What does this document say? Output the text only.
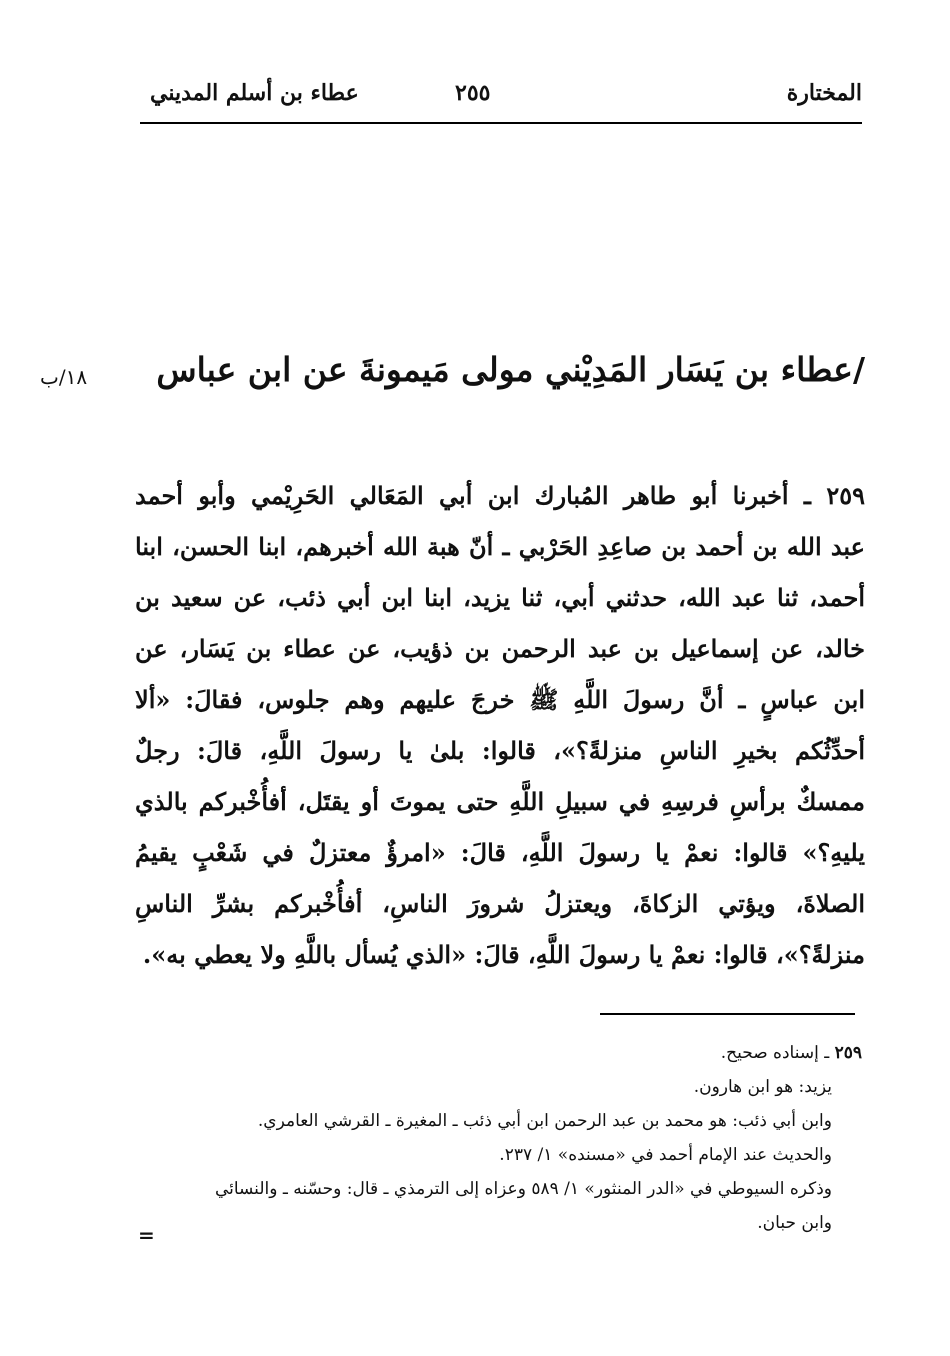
المختارة
٢٥٥
عطاء بن أسلم المديني
/عطاء بن يَسَار المَدِيْني مولى مَيمونةَ عن ابن عباس
١٨/ب
٢٥٩ ـ أخبرنا أبو طاهر المُبارك ابن أبي المَعَالي الحَرِيْمي وأبو أحمد
عبد الله بن أحمد بن صاعِدِ الحَرْبي ـ أنّ هبة الله أخبرهم، ابنا الحسن، ابنا
أحمد، ثنا عبد الله، حدثني أبي، ثنا يزيد، ابنا ابن أبي ذئب، عن سعيد بن
خالد، عن إسماعيل بن عبد الرحمن بن ذؤيب، عن عطاء بن يَسَار، عن
ابن عباسٍ ـ أنَّ رسولَ اللَّهِ ﷺ خرجَ عليهم وهم جلوس، فقالَ: «ألا
أحدِّثُكم بخيرِ الناسِ منزلةً؟»، قالوا: بلىٰ يا رسولَ اللَّهِ، قالَ: رجلٌ
ممسكٌ برأسِ فرسِهِ في سبيلِ اللَّهِ حتى يموتَ أو يقتَل، أفأُخْبركم بالذي
يليهِ؟» قالوا: نعمْ يا رسولَ اللَّهِ، قالَ: «امرؤٌ معتزلٌ في شَعْبٍ يقيمُ
الصلاةَ، ويؤتي الزكاةَ، ويعتزلُ شرورَ الناسِ، أفأُخْبركم بشرِّ الناسِ
منزلةً؟»، قالوا: نعمْ يا رسولَ اللَّهِ، قالَ: «الذي يُسأل باللَّهِ ولا يعطي به».
٢٥٩ ـ إسناده صحيح.
يزيد: هو ابن هارون.
وابن أبي ذئب: هو محمد بن عبد الرحمن ابن أبي ذئب ـ المغيرة ـ القرشي العامري.
والحديث عند الإمام أحمد في «مسنده» ١/ ٢٣٧.
وذكره السيوطي في «الدر المنثور» ١/ ٥٨٩ وعزاه إلى الترمذي ـ قال: وحسّنه ـ والنسائي
وابن حبان.
=
